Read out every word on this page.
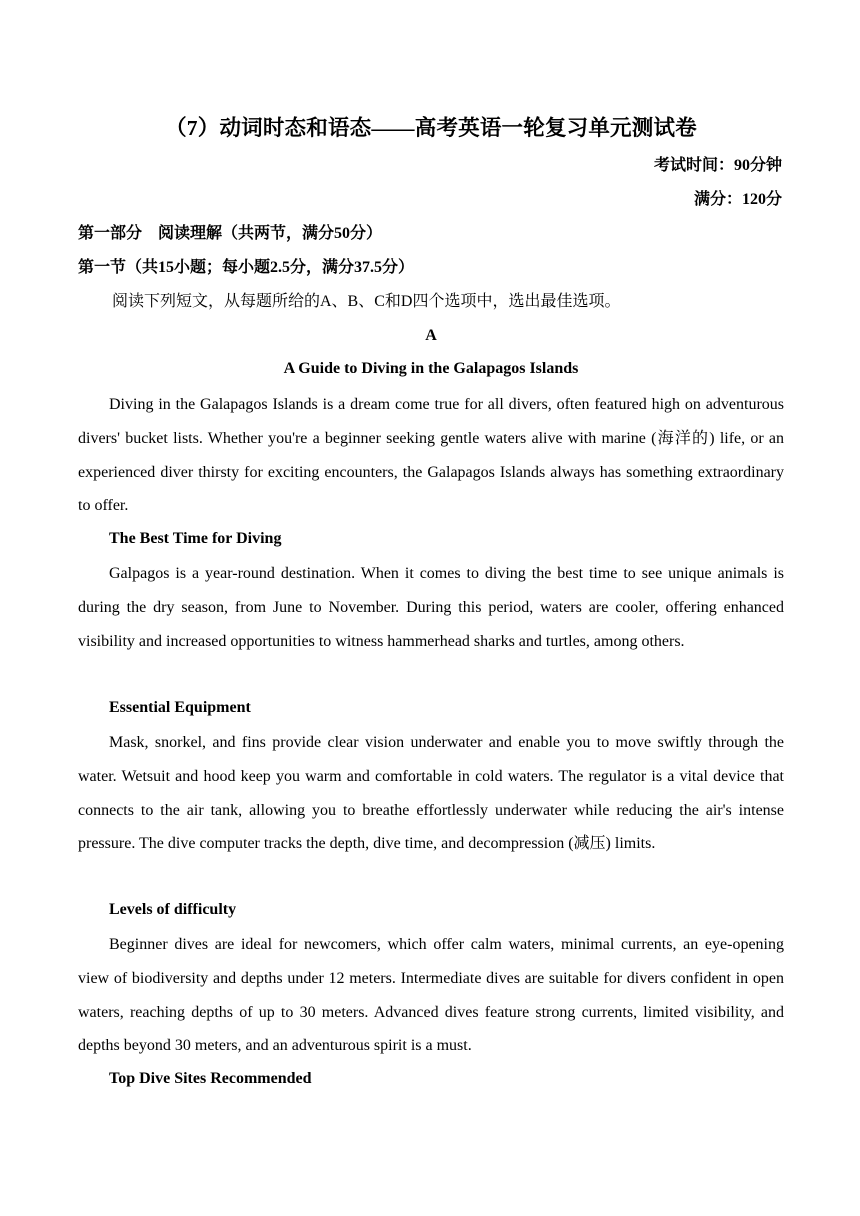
（7）动词时态和语态——高考英语一轮复习单元测试卷
考试时间：90分钟
满分：120分
第一部分　阅读理解（共两节，满分50分）
第一节（共15小题；每小题2.5分，满分37.5分）
阅读下列短文，从每题所给的A、B、C和D四个选项中，选出最佳选项。
A
A Guide to Diving in the Galapagos Islands

Diving in the Galapagos Islands is a dream come true for all divers, often featured high on adventurous divers' bucket lists. Whether you're a beginner seeking gentle waters alive with marine (海洋的) life, or an experienced diver thirsty for exciting encounters, the Galapagos Islands always has something extraordinary to offer.

The Best Time for Diving

Galpagos is a year-round destination. When it comes to diving the best time to see unique animals is during the dry season, from June to November. During this period, waters are cooler, offering enhanced visibility and increased opportunities to witness hammerhead sharks and turtles, among others.

Essential Equipment

Mask, snorkel, and fins provide clear vision underwater and enable you to move swiftly through the water. Wetsuit and hood keep you warm and comfortable in cold waters. The regulator is a vital device that connects to the air tank, allowing you to breathe effortlessly underwater while reducing the air's intense pressure. The dive computer tracks the depth, dive time, and decompression (减压) limits.

Levels of difficulty

Beginner dives are ideal for newcomers, which offer calm waters, minimal currents, an eye-opening view of biodiversity and depths under 12 meters. Intermediate dives are suitable for divers confident in open waters, reaching depths of up to 30 meters. Advanced dives feature strong currents, limited visibility, and depths beyond 30 meters, and an adventurous spirit is a must.

Top Dive Sites Recommended
